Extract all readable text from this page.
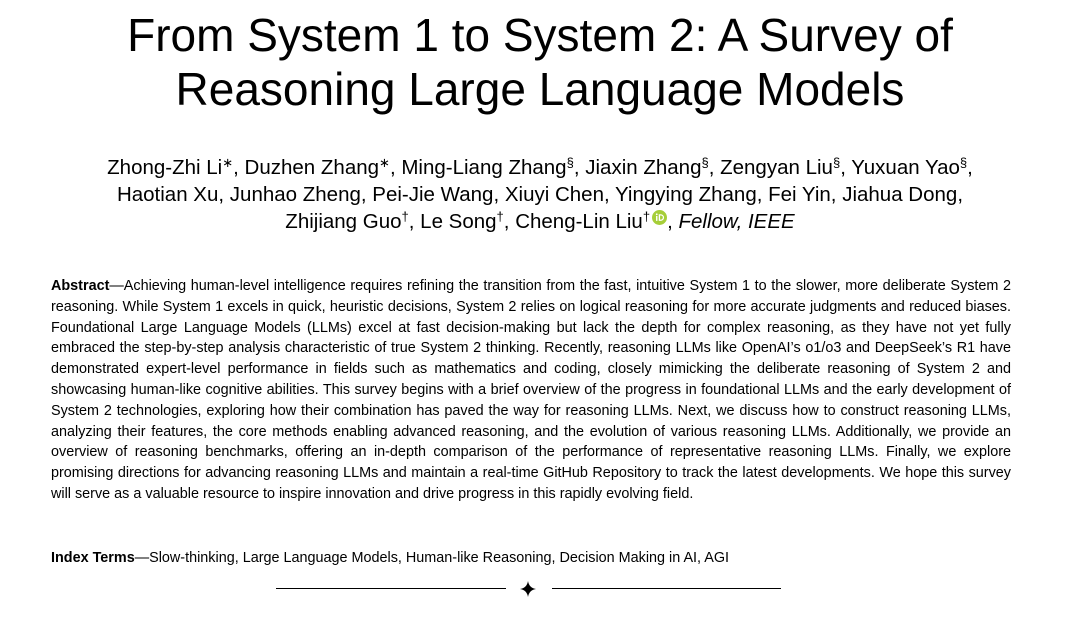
From System 1 to System 2: A Survey of
Reasoning Large Language Models
Zhong-Zhi Li∗, Duzhen Zhang∗, Ming-Liang Zhang§, Jiaxin Zhang§, Zengyan Liu§, Yuxuan Yao§,
Haotian Xu, Junhao Zheng, Pei-Jie Wang, Xiuyi Chen, Yingying Zhang, Fei Yin, Jiahua Dong,
Zhijiang Guo†, Le Song†, Cheng-Lin Liu† , Fellow, IEEE
Abstract—Achieving human-level intelligence requires refining the transition from the fast, intuitive System 1 to the slower, more deliberate System 2 reasoning. While System 1 excels in quick, heuristic decisions, System 2 relies on logical reasoning for more accurate judgments and reduced biases. Foundational Large Language Models (LLMs) excel at fast decision-making but lack the depth for complex reasoning, as they have not yet fully embraced the step-by-step analysis characteristic of true System 2 thinking. Recently, reasoning LLMs like OpenAI’s o1/o3 and DeepSeek’s R1 have demonstrated expert-level performance in fields such as mathematics and coding, closely mimicking the deliberate reasoning of System 2 and showcasing human-like cognitive abilities. This survey begins with a brief overview of the progress in foundational LLMs and the early development of System 2 technologies, exploring how their combination has paved the way for reasoning LLMs. Next, we discuss how to construct reasoning LLMs, analyzing their features, the core methods enabling advanced reasoning, and the evolution of various reasoning LLMs. Additionally, we provide an overview of reasoning benchmarks, offering an in-depth comparison of the performance of representative reasoning LLMs. Finally, we explore promising directions for advancing reasoning LLMs and maintain a real-time GitHub Repository to track the latest developments. We hope this survey will serve as a valuable resource to inspire innovation and drive progress in this rapidly evolving field.
Index Terms—Slow-thinking, Large Language Models, Human-like Reasoning, Decision Making in AI, AGI
